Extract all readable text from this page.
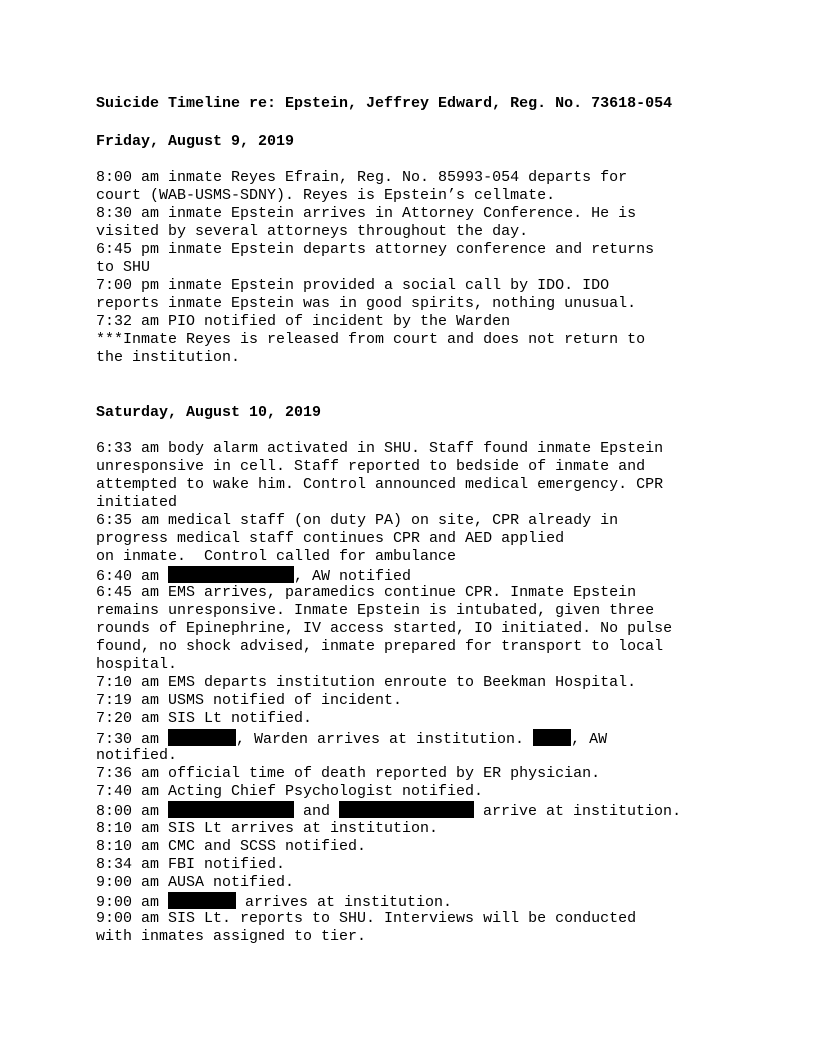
Suicide Timeline re: Epstein, Jeffrey Edward, Reg. No. 73618-054
Friday, August 9, 2019
8:00 am inmate Reyes Efrain, Reg. No. 85993-054 departs for
court (WAB-USMS-SDNY). Reyes is Epstein’s cellmate.
8:30 am inmate Epstein arrives in Attorney Conference. He is
visited by several attorneys throughout the day.
6:45 pm inmate Epstein departs attorney conference and returns
to SHU
7:00 pm inmate Epstein provided a social call by IDO. IDO
reports inmate Epstein was in good spirits, nothing unusual.
7:32 am PIO notified of incident by the Warden
***Inmate Reyes is released from court and does not return to
the institution.
Saturday, August 10, 2019
6:33 am body alarm activated in SHU. Staff found inmate Epstein
unresponsive in cell. Staff reported to bedside of inmate and
attempted to wake him. Control announced medical emergency. CPR
initiated
6:35 am medical staff (on duty PA) on site, CPR already in
progress medical staff continues CPR and AED applied
on inmate.  Control called for ambulance
6:40 am	, AW notified
6:45 am EMS arrives, paramedics continue CPR. Inmate Epstein
remains unresponsive. Inmate Epstein is intubated, given three
rounds of Epinephrine, IV access started, IO initiated. No pulse
found, no shock advised, inmate prepared for transport to local
hospital.
7:10 am EMS departs institution enroute to Beekman Hospital.
7:19 am USMS notified of incident.
7:20 am SIS Lt notified.
7:30 am	, Warden arrives at institution.	, AW
notified.
7:36 am official time of death reported by ER physician.
7:40 am Acting Chief Psychologist notified.
8:00 am	and	arrive at institution.
8:10 am SIS Lt arrives at institution.
8:10 am CMC and SCSS notified.
8:34 am FBI notified.
9:00 am AUSA notified.
9:00 am	arrives at institution.
9:00 am SIS Lt. reports to SHU. Interviews will be conducted
with inmates assigned to tier.
